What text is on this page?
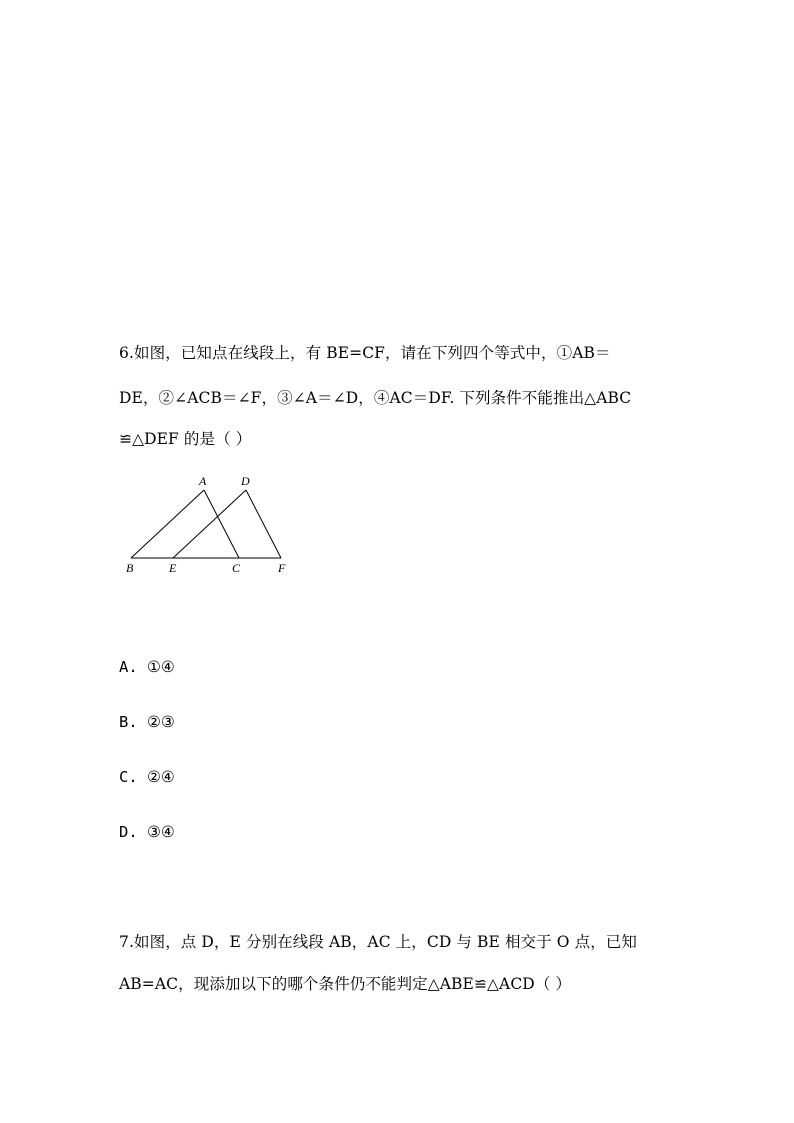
6.如图，已知点在线段上，有 BE=CF，请在下列四个等式中，①AB＝
DE，②∠ACB＝∠F，③∠A＝∠D，④AC＝DF. 下列条件不能推出△ABC
≌△DEF 的是（ ）
A	D
B	E	C	F
A. ①④
B. ②③
C. ②④
D. ③④
7.如图，点 D，E 分别在线段 AB，AC 上，CD 与 BE 相交于 O 点，已知
AB=AC，现添加以下的哪个条件仍不能判定△ABE≌△ACD（ ）
